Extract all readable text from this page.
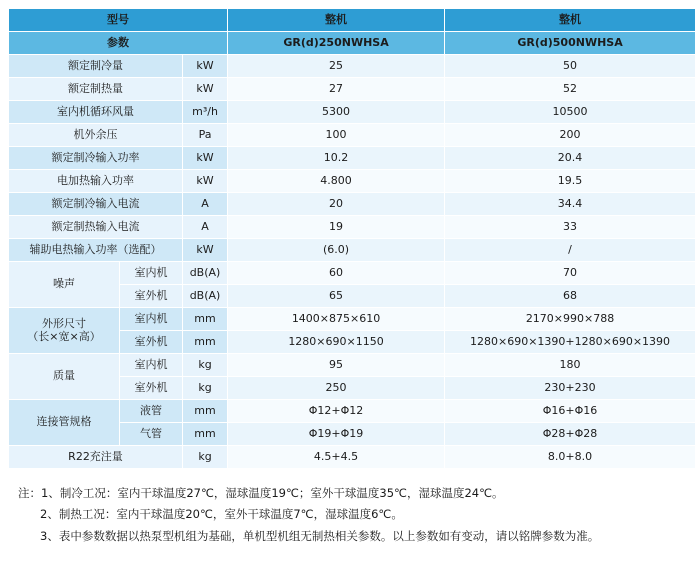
型号			整机	整机
参数			GR(d)250NWHSA	GR(d)500NWHSA
额定制冷量		kW	25	50
额定制热量		kW	27	52
室内机循环风量		m³/h	5300	10500
机外余压		Pa	100	200
额定制冷输入功率		kW	10.2	20.4
电加热输入功率		kW	4.800	19.5
额定制冷输入电流		A	20	34.4
额定制热输入电流		A	19	33
辅助电热输入功率（选配）		kW	(6.0)	/
噪声	室内机	dB(A)	60	70
	室外机	dB(A)	65	68

外形尺寸
（长×宽×高）	室内机	mm	1400×875×610	2170×990×788
	室外机	mm	1280×690×1150	1280×690×1390+1280×690×1390
质量	室内机	kg	95	180
	室外机	kg	250	230+230
连接管规格	液管	mm	Φ12+Φ12	Φ16+Φ16
	气管	mm	Φ19+Φ19	Φ28+Φ28
R22充注量		kg	4.5+4.5	8.0+8.0
注：1、制冷工况：室内干球温度27℃，湿球温度19℃；室外干球温度35℃，湿球温度24℃。
2、制热工况：室内干球温度20℃，室外干球温度7℃，湿球温度6℃。
3、表中参数数据以热泵型机组为基础，单机型机组无制热相关参数。以上参数如有变动，请以铭牌参数为准。
